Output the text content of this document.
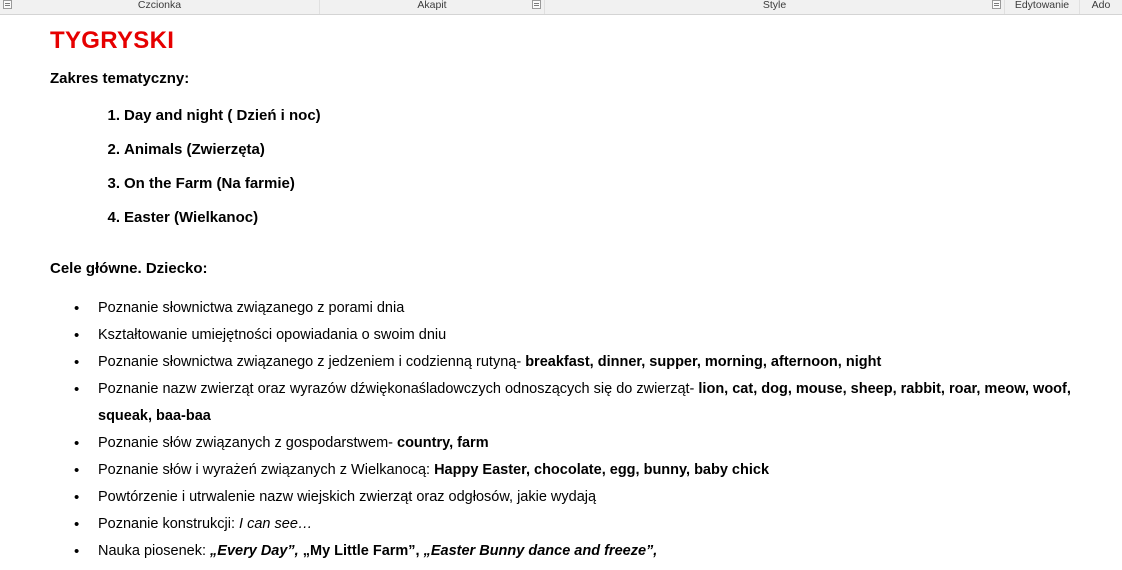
Czcionka	Akapit	Style	Edytowanie Ado
TYGRYSKI

Zakres tematyczny:

Day and night ( Dzień i noc)
Animals (Zwierzęta)
On the Farm (Na farmie)
Easter (Wielkanoc)

Cele główne. Dziecko:

• Poznanie słownictwa związanego z porami dnia
• Kształtowanie umiejętności opowiadania o swoim dniu
• Poznanie słownictwa związanego z jedzeniem i codzienną rutyną- breakfast, dinner, supper, morning, afternoon, night
• Poznanie nazw zwierząt oraz wyrazów dźwiękonaśladowczych odnoszących się do zwierząt- lion, cat, dog, mouse, sheep, rabbit, roar, meow, woof, squeak, baa-baa
• Poznanie słów związanych z gospodarstwem- country, farm
• Poznanie słów i wyrażeń związanych z Wielkanocą: Happy Easter, chocolate, egg, bunny, baby chick
• Powtórzenie i utrwalenie nazw wiejskich zwierząt oraz odgłosów, jakie wydają
• Poznanie konstrukcji: I can see…
• Nauka piosenek: „Every Day”, „My Little Farm”, „Easter Bunny dance and freeze”,
